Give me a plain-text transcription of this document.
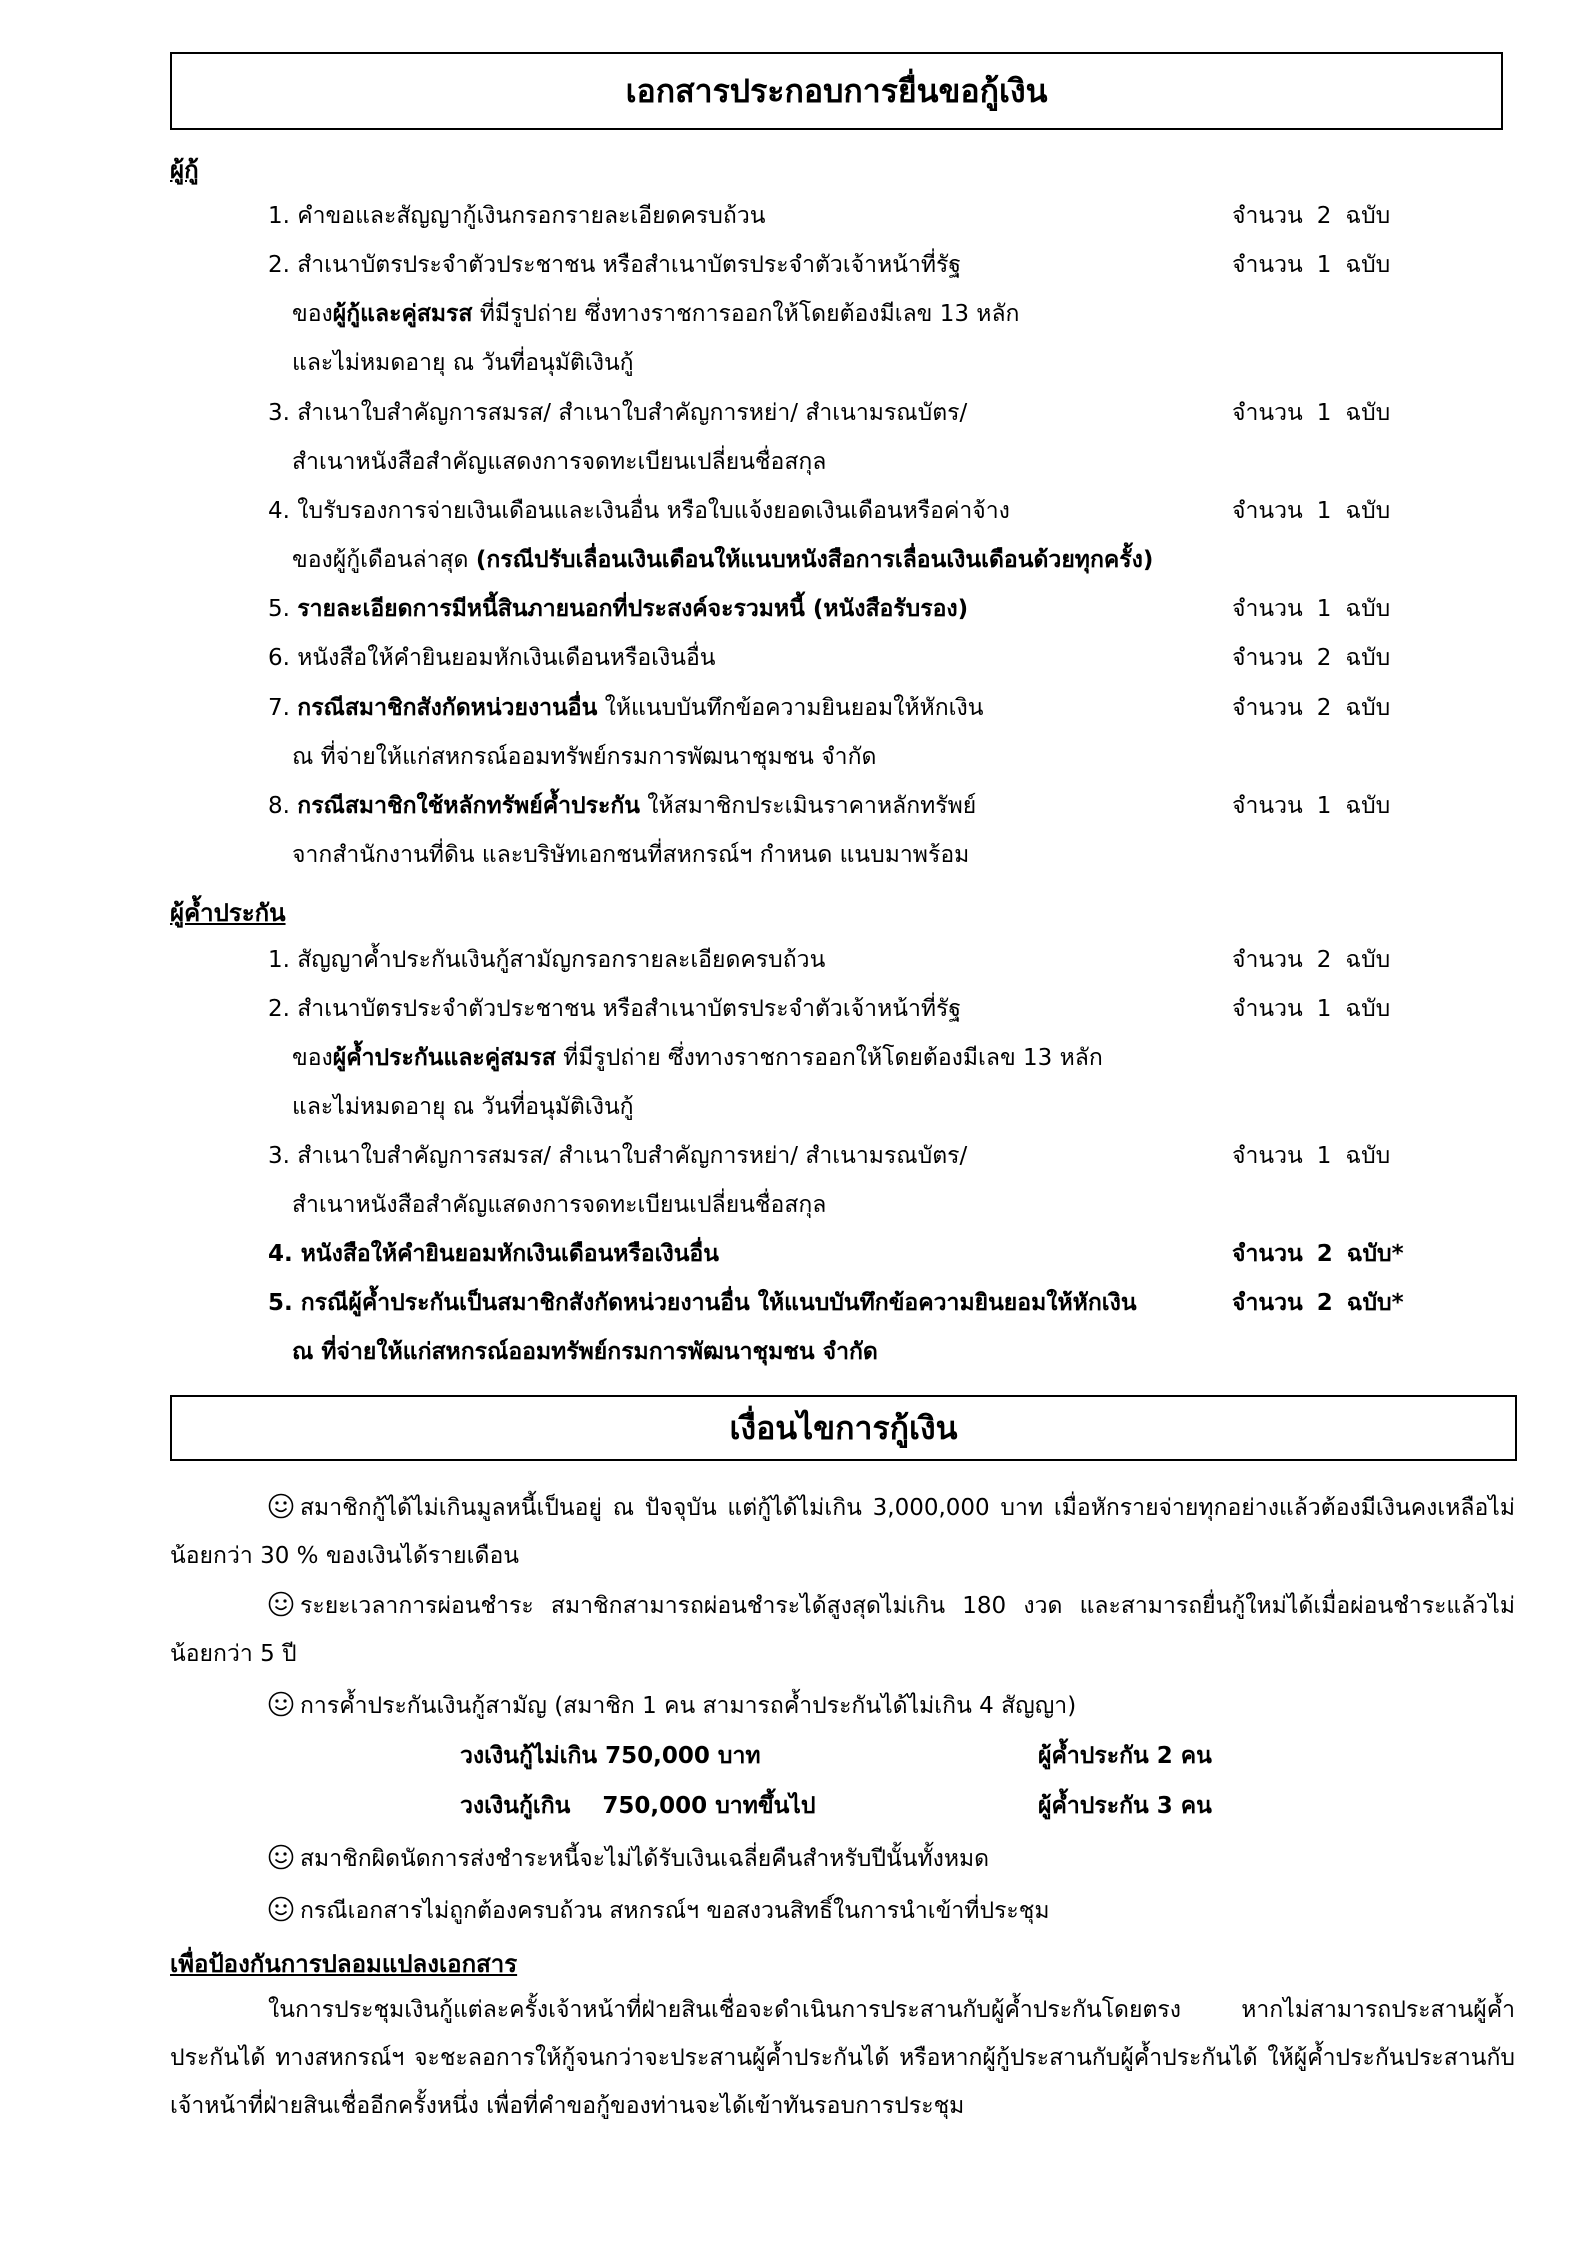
เอกสารประกอบการยื่นขอกู้เงิน
ผู้กู้
1. คำขอและสัญญากู้เงินกรอกรายละเอียดครบถ้วน	จำนวน 2 ฉบับ
2. สำเนาบัตรประจำตัวประชาชน หรือสำเนาบัตรประจำตัวเจ้าหน้าที่รัฐ	จำนวน 1 ฉบับ
ของผู้กู้และคู่สมรส ที่มีรูปถ่าย ซึ่งทางราชการออกให้โดยต้องมีเลข 13 หลัก
และไม่หมดอายุ ณ วันที่อนุมัติเงินกู้
3. สำเนาใบสำคัญการสมรส/ สำเนาใบสำคัญการหย่า/ สำเนามรณบัตร/	จำนวน 1 ฉบับ
สำเนาหนังสือสำคัญแสดงการจดทะเบียนเปลี่ยนชื่อสกุล
4. ใบรับรองการจ่ายเงินเดือนและเงินอื่น หรือใบแจ้งยอดเงินเดือนหรือค่าจ้าง	จำนวน 1 ฉบับ
ของผู้กู้เดือนล่าสุด (กรณีปรับเลื่อนเงินเดือนให้แนบหนังสือการเลื่อนเงินเดือนด้วยทุกครั้ง)
5. รายละเอียดการมีหนี้สินภายนอกที่ประสงค์จะรวมหนี้ (หนังสือรับรอง)	จำนวน 1 ฉบับ
6. หนังสือให้คำยินยอมหักเงินเดือนหรือเงินอื่น	จำนวน 2 ฉบับ
7. กรณีสมาชิกสังกัดหน่วยงานอื่น ให้แนบบันทึกข้อความยินยอมให้หักเงิน	จำนวน 2 ฉบับ
ณ ที่จ่ายให้แก่สหกรณ์ออมทรัพย์กรมการพัฒนาชุมชน จำกัด
8. กรณีสมาชิกใช้หลักทรัพย์ค้ำประกัน ให้สมาชิกประเมินราคาหลักทรัพย์	จำนวน 1 ฉบับ
จากสำนักงานที่ดิน และบริษัทเอกชนที่สหกรณ์ฯ กำหนด แนบมาพร้อม
ผู้ค้ำประกัน
1. สัญญาค้ำประกันเงินกู้สามัญกรอกรายละเอียดครบถ้วน	จำนวน 2 ฉบับ
2. สำเนาบัตรประจำตัวประชาชน หรือสำเนาบัตรประจำตัวเจ้าหน้าที่รัฐ	จำนวน 1 ฉบับ
ของผู้ค้ำประกันและคู่สมรส ที่มีรูปถ่าย ซึ่งทางราชการออกให้โดยต้องมีเลข 13 หลัก
และไม่หมดอายุ ณ วันที่อนุมัติเงินกู้
3. สำเนาใบสำคัญการสมรส/ สำเนาใบสำคัญการหย่า/ สำเนามรณบัตร/	จำนวน 1 ฉบับ
สำเนาหนังสือสำคัญแสดงการจดทะเบียนเปลี่ยนชื่อสกุล
4. หนังสือให้คำยินยอมหักเงินเดือนหรือเงินอื่น	จำนวน 2 ฉบับ*
5. กรณีผู้ค้ำประกันเป็นสมาชิกสังกัดหน่วยงานอื่น ให้แนบบันทึกข้อความยินยอมให้หักเงิน	จำนวน 2 ฉบับ*
ณ ที่จ่ายให้แก่สหกรณ์ออมทรัพย์กรมการพัฒนาชุมชน จำกัด
เงื่อนไขการกู้เงิน
สมาชิกกู้ได้ไม่เกินมูลหนี้เป็นอยู่ ณ ปัจจุบัน แต่กู้ได้ไม่เกิน 3,000,000 บาท เมื่อหักรายจ่ายทุกอย่างแล้วต้องมีเงินคงเหลือไม่น้อยกว่า 30 % ของเงินได้รายเดือน
ระยะเวลาการผ่อนชำระ สมาชิกสามารถผ่อนชำระได้สูงสุดไม่เกิน 180 งวด และสามารถยื่นกู้ใหม่ได้เมื่อผ่อนชำระแล้วไม่น้อยกว่า 5 ปี
การค้ำประกันเงินกู้สามัญ (สมาชิก 1 คน สามารถค้ำประกันได้ไม่เกิน 4 สัญญา)
วงเงินกู้ไม่เกิน 750,000 บาท	ผู้ค้ำประกัน 2 คน
วงเงินกู้เกิน    750,000 บาทขึ้นไป	ผู้ค้ำประกัน 3 คน
สมาชิกผิดนัดการส่งชำระหนี้จะไม่ได้รับเงินเฉลี่ยคืนสำหรับปีนั้นทั้งหมด
กรณีเอกสารไม่ถูกต้องครบถ้วน สหกรณ์ฯ ขอสงวนสิทธิ์ในการนำเข้าที่ประชุม
เพื่อป้องกันการปลอมแปลงเอกสาร
ในการประชุมเงินกู้แต่ละครั้งเจ้าหน้าที่ฝ่ายสินเชื่อจะดำเนินการประสานกับผู้ค้ำประกันโดยตรง หากไม่สามารถประสานผู้ค้ำประกันได้ ทางสหกรณ์ฯ จะชะลอการให้กู้จนกว่าจะประสานผู้ค้ำประกันได้ หรือหากผู้กู้ประสานกับผู้ค้ำประกันได้ ให้ผู้ค้ำประกันประสานกับเจ้าหน้าที่ฝ่ายสินเชื่ออีกครั้งหนึ่ง เพื่อที่คำขอกู้ของท่านจะได้เข้าทันรอบการประชุม
